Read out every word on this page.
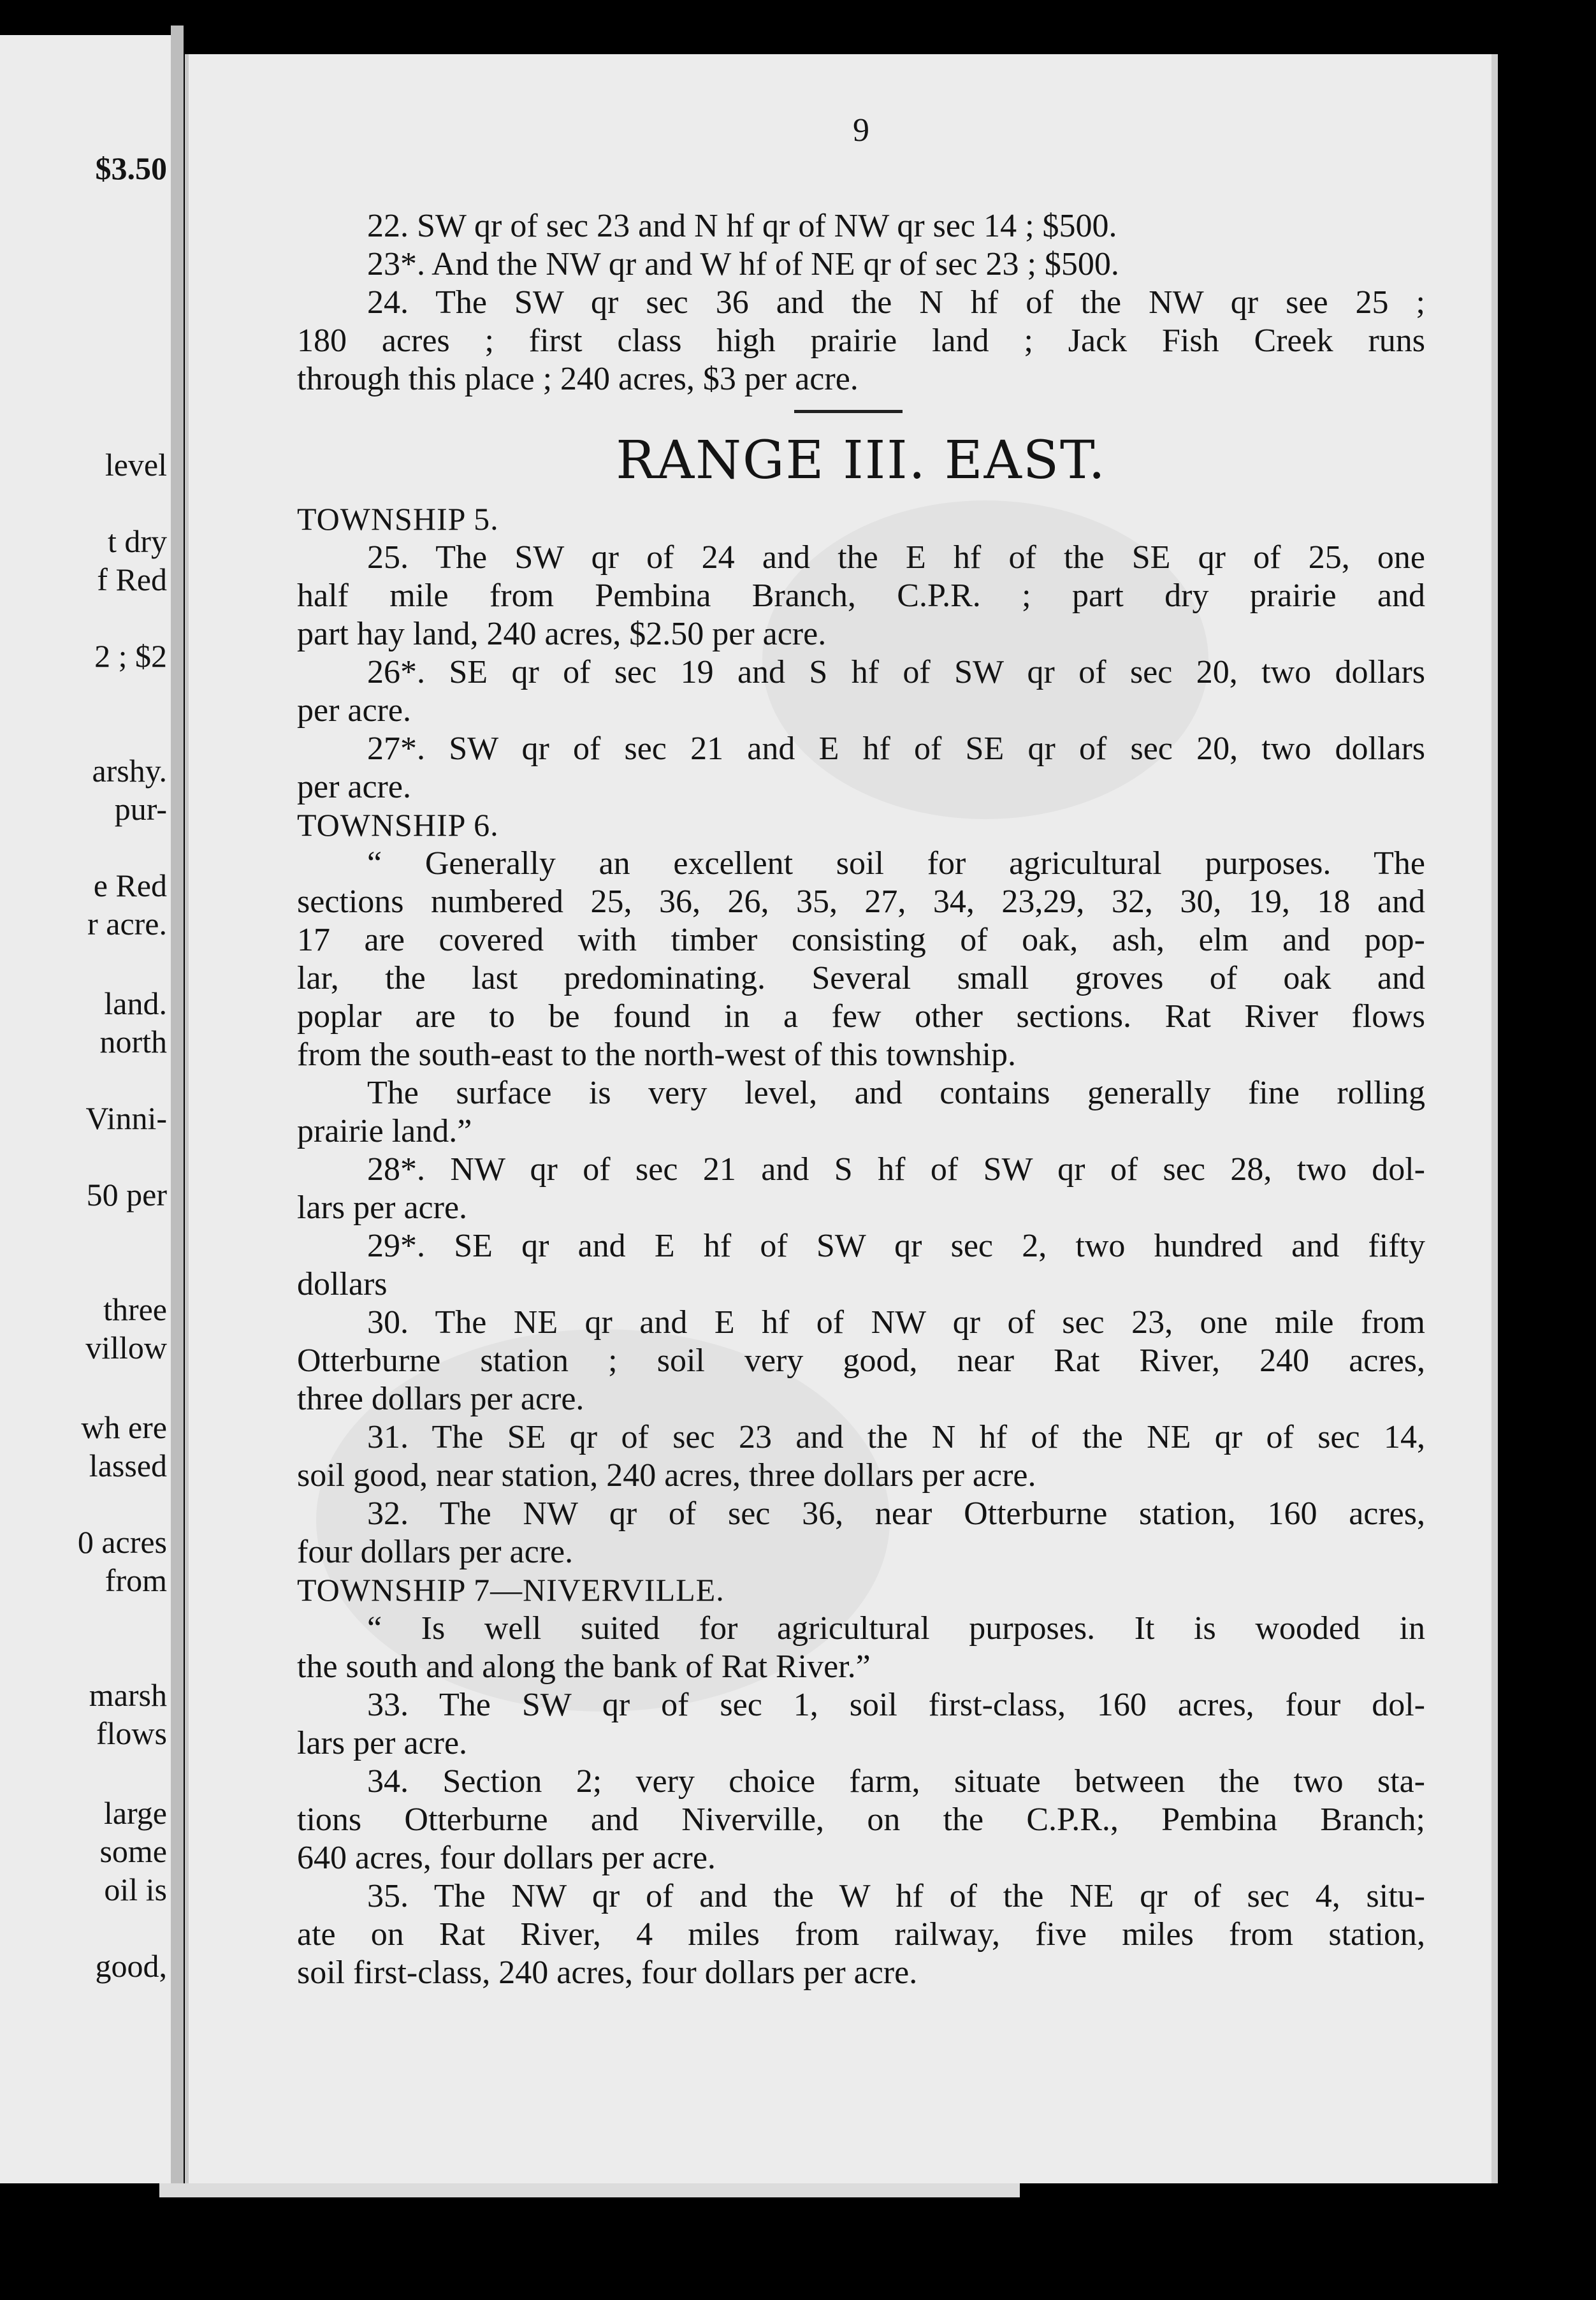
$3.50
level
t dry
f Red
2 ; $2
arshy.
pur-
e Red
r acre.
land.
north
Vinni-
50 per
three
villow
wh ere
lassed
0 acres
from
marsh
flows
large
some
oil is
good,
9
22. SW qr of sec 23 and N hf qr of NW qr sec 14 ; $500.
23*. And the NW qr and W hf of NE qr of sec 23 ; $500.
24. The SW qr sec 36 and the N hf of the NW qr see 25 ;
180 acres ; first class high prairie land ; Jack Fish Creek runs
through this place ; 240 acres, $3 per acre.
RANGE III. EAST.
TOWNSHIP 5.
25. The SW qr of 24 and the E hf of the SE qr of 25, one
half mile from Pembina Branch, C.P.R. ; part dry prairie and
part hay land, 240 acres, $2.50 per acre.
26*. SE qr of sec 19 and S hf of SW qr of sec 20, two dollars
per acre.
27*. SW qr of sec 21 and E hf of SE qr of sec 20, two dollars
per acre.
TOWNSHIP 6.
“ Generally an excellent soil for agricultural purposes. The
sections numbered 25, 36, 26, 35, 27, 34, 23,29, 32, 30, 19, 18 and
17 are covered with timber consisting of oak, ash, elm and pop-
lar, the last predominating. Several small groves of oak and
poplar are to be found in a few other sections. Rat River flows
from the south-east to the north-west of this township.
The surface is very level, and contains generally fine rolling
prairie land.”
28*. NW qr of sec 21 and S hf of SW qr of sec 28, two dol-
lars per acre.
29*. SE qr and E hf of SW qr sec 2, two hundred and fifty
dollars
30. The NE qr and E hf of NW qr of sec 23, one mile from
Otterburne station ; soil very good, near Rat River, 240 acres,
three dollars per acre.
31. The SE qr of sec 23 and the N hf of the NE qr of sec 14,
soil good, near station, 240 acres, three dollars per acre.
32. The NW qr of sec 36, near Otterburne station, 160 acres,
four dollars per acre.
TOWNSHIP 7—NIVERVILLE.
“ Is well suited for agricultural purposes. It is wooded in
the south and along the bank of Rat River.”
33. The SW qr of sec 1, soil first-class, 160 acres, four dol-
lars per acre.
34. Section 2; very choice farm, situate between the two sta-
tions Otterburne and Niverville, on the C.P.R., Pembina Branch;
640 acres, four dollars per acre.
35. The NW qr of and the W hf of the NE qr of sec 4, situ-
ate on Rat River, 4 miles from railway, five miles from station,
soil first-class, 240 acres, four dollars per acre.
